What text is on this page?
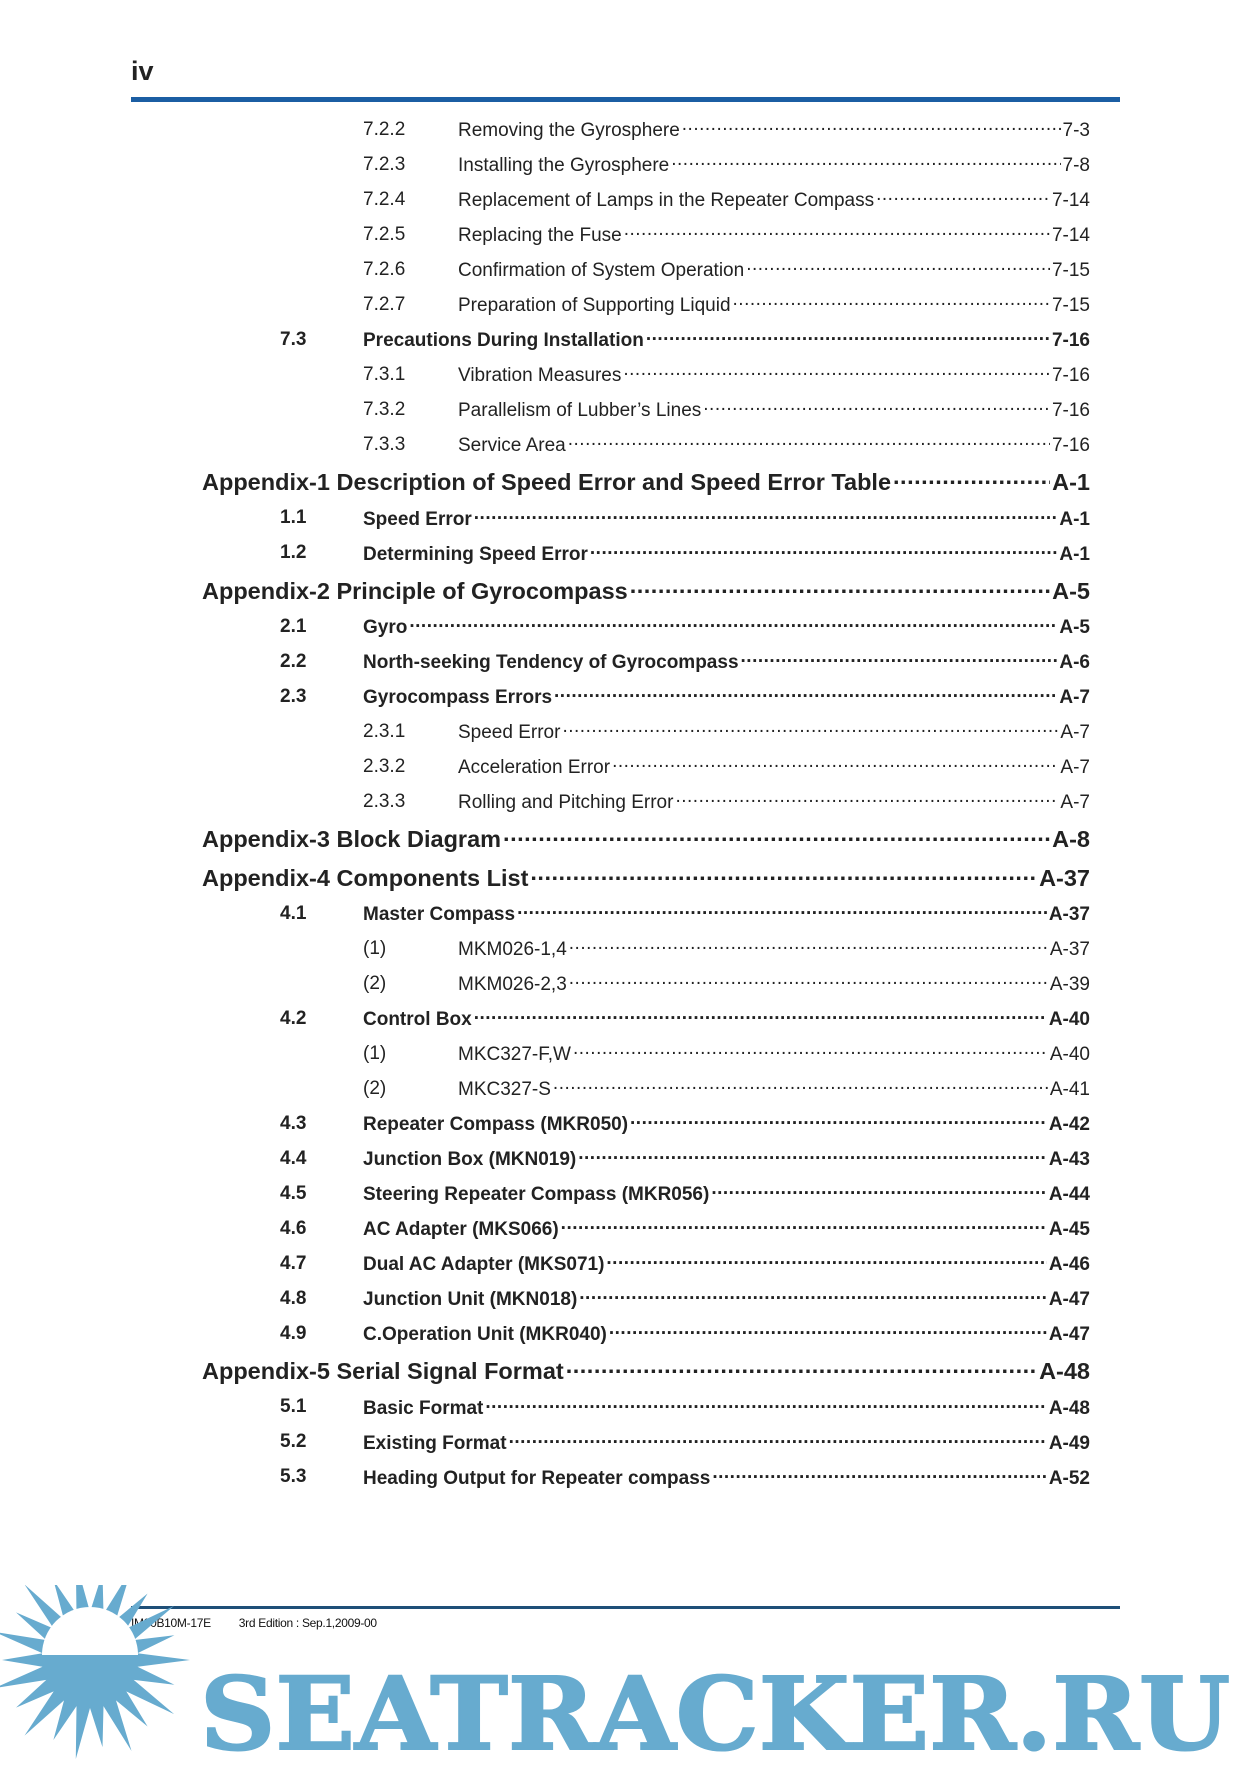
iv
7.2.2	Removing the Gyrosphere .....	7-3
7.2.3	Installing the Gyrosphere .....	7-8
7.2.4	Replacement of Lamps in the Repeater Compass .....	7-14
7.2.5	Replacing the Fuse .....	7-14
7.2.6	Confirmation of System Operation .....	7-15
7.2.7	Preparation of Supporting Liquid .....	7-15
7.3	Precautions During Installation .....	7-16
7.3.1	Vibration Measures .....	7-16
7.3.2	Parallelism of Lubber’s Lines .....	7-16
7.3.3	Service Area .....	7-16
Appendix-1 Description of Speed Error and Speed Error Table .....	A-1
1.1	Speed Error .....	A-1
1.2	Determining Speed Error .....	A-1
Appendix-2 Principle of Gyrocompass .....	A-5
2.1	Gyro .....	A-5
2.2	North-seeking Tendency of Gyrocompass .....	A-6
2.3	Gyrocompass Errors .....	A-7
2.3.1	Speed Error .....	A-7
2.3.2	Acceleration Error .....	A-7
2.3.3	Rolling and Pitching Error .....	A-7
Appendix-3 Block Diagram .....	A-8
Appendix-4 Components List .....	A-37
4.1	Master Compass .....	A-37
(1)	MKM026-1,4 .....	A-37
(2)	MKM026-2,3 .....	A-39
4.2	Control Box .....	A-40
(1)	MKC327-F,W .....	A-40
(2)	MKC327-S .....	A-41
4.3	Repeater Compass (MKR050) .....	A-42
4.4	Junction Box (MKN019) .....	A-43
4.5	Steering Repeater Compass (MKR056) .....	A-44
4.6	AC Adapter (MKS066) .....	A-45
4.7	Dual AC Adapter (MKS071) .....	A-46
4.8	Junction Unit (MKN018) .....	A-47
4.9	C.Operation Unit (MKR040) .....	A-47
Appendix-5 Serial Signal Format .....	A-48
5.1	Basic Format .....	A-48
5.2	Existing Format .....	A-49
5.3	Heading Output for Repeater compass .....	A-52
IM80B10M-17E 3rd Edition : Sep.1,2009-00
SEATRACKER.RU
